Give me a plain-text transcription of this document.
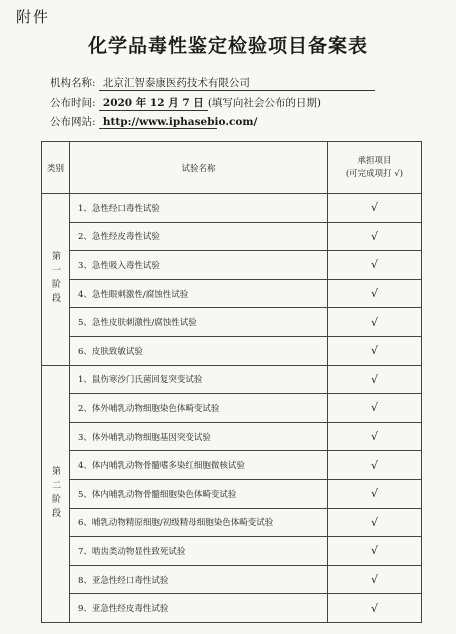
附件
化学品毒性鉴定检验项目备案表
机构名称: 北京汇智泰康医药技术有限公司
公布时间: 2020 年 12 月 7 日 (填写向社会公布的日期)
公布网站: http://www.iphasebio.com/
类别	试验名称	承担项目
(可完成项打 √)

第一阶段	1、急性经口毒性试验	√
	2、急性经皮毒性试验	√
	3、急性吸入毒性试验	√
	4、急性眼刺激性/腐蚀性试验	√
	5、急性皮肤刺激性/腐蚀性试验	√
	6、皮肤致敏试验	√
第二阶段	1、鼠伤寒沙门氏菌回复突变试验	√
	2、体外哺乳动物细胞染色体畸变试验	√
	3、体外哺乳动物细胞基因突变试验	√
	4、体内哺乳动物骨髓嗜多染红细胞微核试验	√
	5、体内哺乳动物骨髓细胞染色体畸变试验	√
	6、哺乳动物精原细胞/初级精母细胞染色体畸变试验	√
	7、啮齿类动物显性致死试验	√
	8、亚急性经口毒性试验	√
	9、亚急性经皮毒性试验	√
